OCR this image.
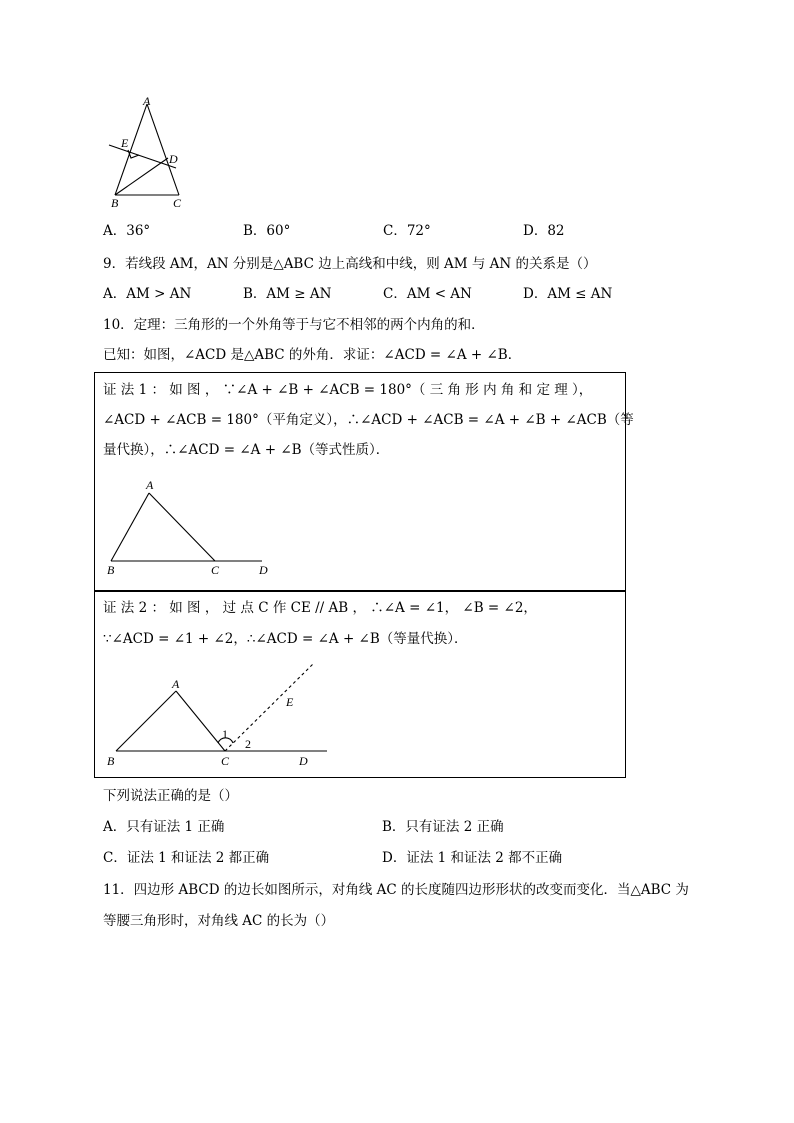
A
E
D
B	C
A．36°	B．60°	C．72°	D．82
9．若线段 AM，AN 分别是△ABC 边上高线和中线，则 AM 与 AN 的关系是（）
A．AM > AN	B．AM ≥ AN	C．AM < AN	D．AM ≤ AN
10．定理：三角形的一个外角等于与它不相邻的两个内角的和．
已知：如图，∠ACD 是△ABC 的外角．求证：∠ACD = ∠A + ∠B．
证 法 1 ： 如 图 ， ∵∠A + ∠B + ∠ACB = 180°（ 三 角 形 内 角 和 定 理 ），
∠ACD + ∠ACB = 180°（平角定义），∴∠ACD + ∠ACB = ∠A + ∠B + ∠ACB（等
量代换），∴∠ACD = ∠A + ∠B（等式性质）．
A
B	C	D
证 法 2 ： 如 图 ， 过 点 C 作 CE // AB ， ∴∠A = ∠1， ∠B = ∠2，
∵∠ACD = ∠1 + ∠2，∴∠ACD = ∠A + ∠B（等量代换）．
A
E
1
2
B	C	D
下列说法正确的是（）
A．只有证法 1 正确	B．只有证法 2 正确
C．证法 1 和证法 2 都正确	D．证法 1 和证法 2 都不正确
11．四边形 ABCD 的边长如图所示，对角线 AC 的长度随四边形形状的改变而变化．当△ABC 为
等腰三角形时，对角线 AC 的长为（）
